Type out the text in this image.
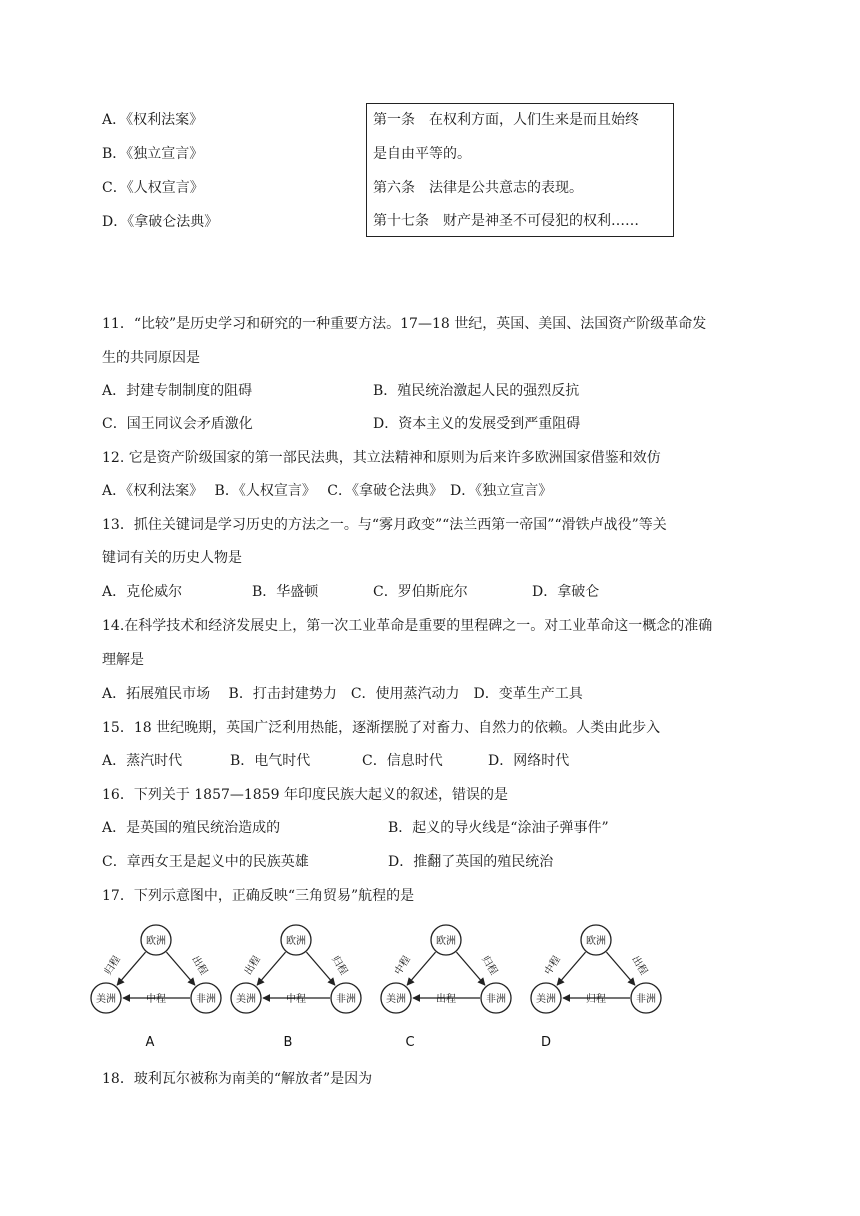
A．《权利法案》
B．《独立宣言》
C．《人权宣言》
D．《拿破仑法典》
第一条　在权利方面，人们生来是而且始终
是自由平等的。
第六条　法律是公共意志的表现。
第十七条　财产是神圣不可侵犯的权利……
11．“比较”是历史学习和研究的一种重要方法。17—18 世纪，英国、美国、法国资产阶级革命发
生的共同原因是
A．封建专制制度的阻碍	B．殖民统治激起人民的强烈反抗
C．国王同议会矛盾激化	D．资本主义的发展受到严重阻碍
12. 它是资产阶级国家的第一部民法典，其立法精神和原则为后来许多欧洲国家借鉴和效仿
A．《权利法案》　 B．《人权宣言》　 C．《拿破仑法典》　D．《独立宣言》
13．抓住关键词是学习历史的方法之一。与“雾月政变”“法兰西第一帝国”“滑铁卢战役”等关
键词有关的历史人物是
A．克伦威尔	B．华盛顿	C．罗伯斯庇尔	D．拿破仑
14.在科学技术和经济发展史上，第一次工业革命是重要的里程碑之一。对工业革命这一概念的准确
理解是
A．拓展殖民市场　 B．打击封建势力　C．使用蒸汽动力　D．变革生产工具
15．18 世纪晚期，英国广泛利用热能，逐渐摆脱了对畜力、自然力的依赖。人类由此步入
A．蒸汽时代	B．电气时代	C．信息时代	D．网络时代
16．下列关于 1857—1859 年印度民族大起义的叙述，错误的是
A．是英国的殖民统治造成的	B．起义的导火线是“涂油子弹事件”
C．章西女王是起义中的民族英雄	D．推翻了英国的殖民统治
17．下列示意图中，正确反映“三角贸易”航程的是
欧洲
美洲	非洲
归程	出程
中程
A
欧洲
美洲	非洲
出程	归程
中程
B
欧洲
美洲	非洲
中程	归程
出程
C
欧洲
美洲	非洲
中程	出程
归程
D
18．玻利瓦尔被称为南美的“解放者”是因为
